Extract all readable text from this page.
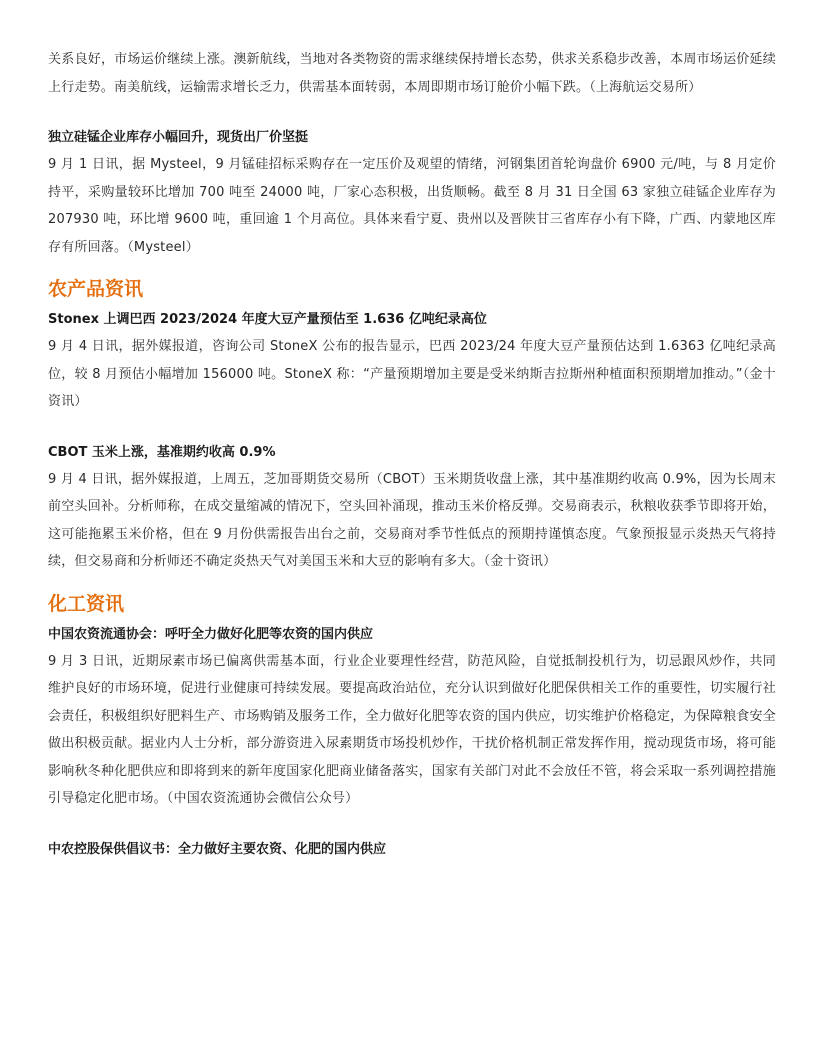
关系良好，市场运价继续上涨。澳新航线，当地对各类物资的需求继续保持增长态势，供求关系稳步改善，本周市场运价延续上行走势。南美航线，运输需求增长乏力，供需基本面转弱，本周即期市场订舱价小幅下跌。（上海航运交易所）

独立硅锰企业库存小幅回升，现货出厂价坚挺

9 月 1 日讯，据 Mysteel，9 月锰硅招标采购存在一定压价及观望的情绪，河钢集团首轮询盘价 6900 元/吨，与 8 月定价持平，采购量较环比增加 700 吨至 24000 吨，厂家心态积极，出货顺畅。截至 8 月 31 日全国 63 家独立硅锰企业库存为 207930 吨，环比增 9600 吨，重回逾 1 个月高位。具体来看宁夏、贵州以及晋陕甘三省库存小有下降，广西、内蒙地区库存有所回落。（Mysteel）

农产品资讯

Stonex 上调巴西 2023/2024 年度大豆产量预估至 1.636 亿吨纪录高位

9 月 4 日讯，据外媒报道，咨询公司 StoneX 公布的报告显示，巴西 2023/24 年度大豆产量预估达到 1.6363 亿吨纪录高位，较 8 月预估小幅增加 156000 吨。StoneX 称：“产量预期增加主要是受米纳斯吉拉斯州种植面积预期增加推动。”（金十资讯）

CBOT 玉米上涨，基准期约收高 0.9%

9 月 4 日讯，据外媒报道，上周五，芝加哥期货交易所（CBOT）玉米期货收盘上涨，其中基准期约收高 0.9%，因为长周末前空头回补。分析师称，在成交量缩减的情况下，空头回补涌现，推动玉米价格反弹。交易商表示，秋粮收获季节即将开始，这可能拖累玉米价格，但在 9 月份供需报告出台之前，交易商对季节性低点的预期持谨慎态度。气象预报显示炎热天气将持续，但交易商和分析师还不确定炎热天气对美国玉米和大豆的影响有多大。（金十资讯）

化工资讯

中国农资流通协会：呼吁全力做好化肥等农资的国内供应

9 月 3 日讯，近期尿素市场已偏离供需基本面，行业企业要理性经营，防范风险，自觉抵制投机行为，切忌跟风炒作，共同维护良好的市场环境，促进行业健康可持续发展。要提高政治站位，充分认识到做好化肥保供相关工作的重要性，切实履行社会责任，积极组织好肥料生产、市场购销及服务工作，全力做好化肥等农资的国内供应，切实维护价格稳定，为保障粮食安全做出积极贡献。据业内人士分析，部分游资进入尿素期货市场投机炒作，干扰价格机制正常发挥作用，搅动现货市场，将可能影响秋冬种化肥供应和即将到来的新年度国家化肥商业储备落实，国家有关部门对此不会放任不管，将会采取一系列调控措施引导稳定化肥市场。（中国农资流通协会微信公众号）

中农控股保供倡议书：全力做好主要农资、化肥的国内供应
